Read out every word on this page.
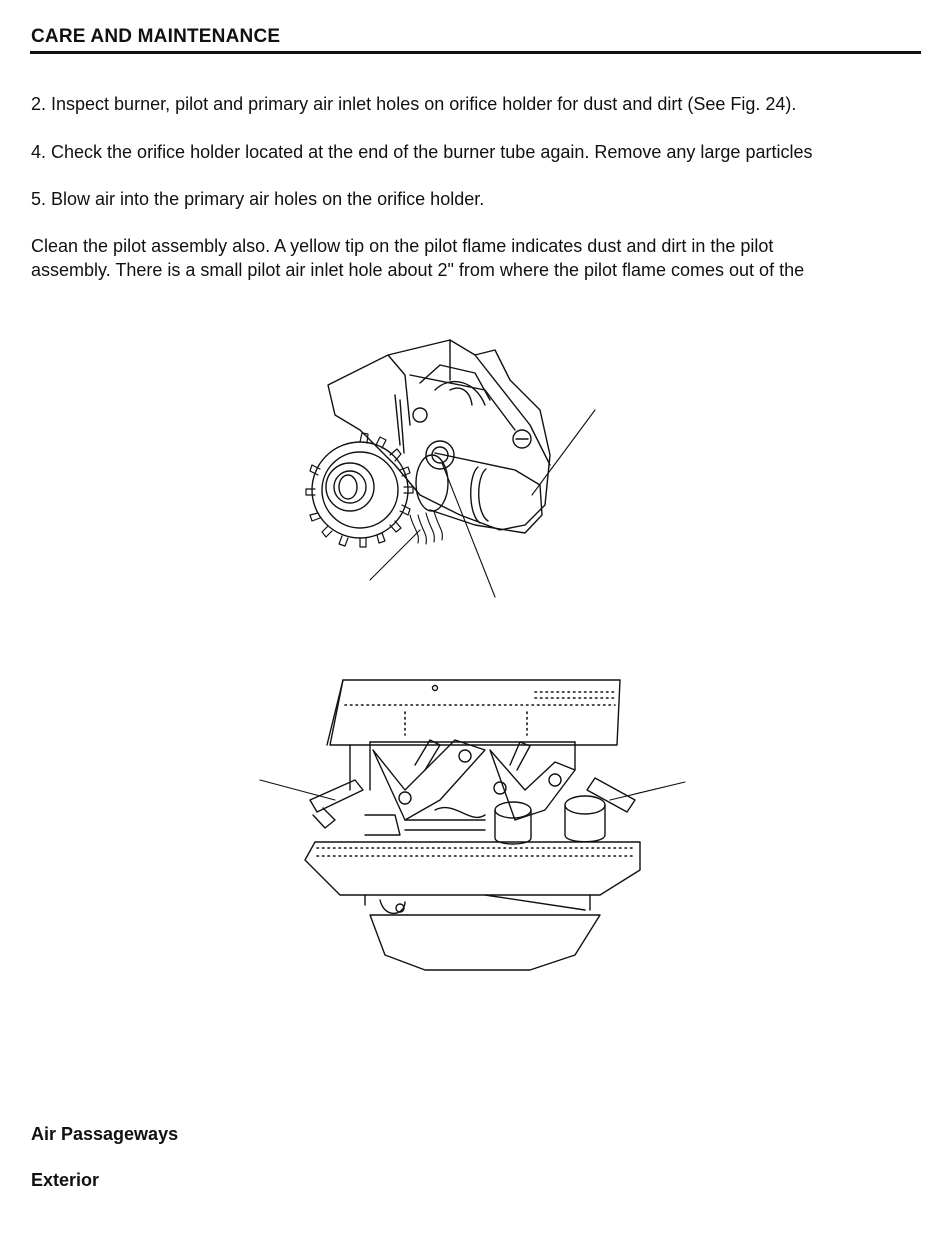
CARE AND MAINTENANCE
2. Inspect burner, pilot and primary air inlet holes on orifice holder for dust and dirt (See Fig. 24).
4. Check the orifice holder located at the end of the burner tube again. Remove any large particles
5. Blow air into the primary air holes on the orifice holder.
Clean the pilot assembly also. A yellow tip on the pilot flame indicates dust and dirt in the pilot
assembly. There is a small pilot air inlet hole about 2" from where the pilot flame comes out of the
Air Passageways
Exterior
